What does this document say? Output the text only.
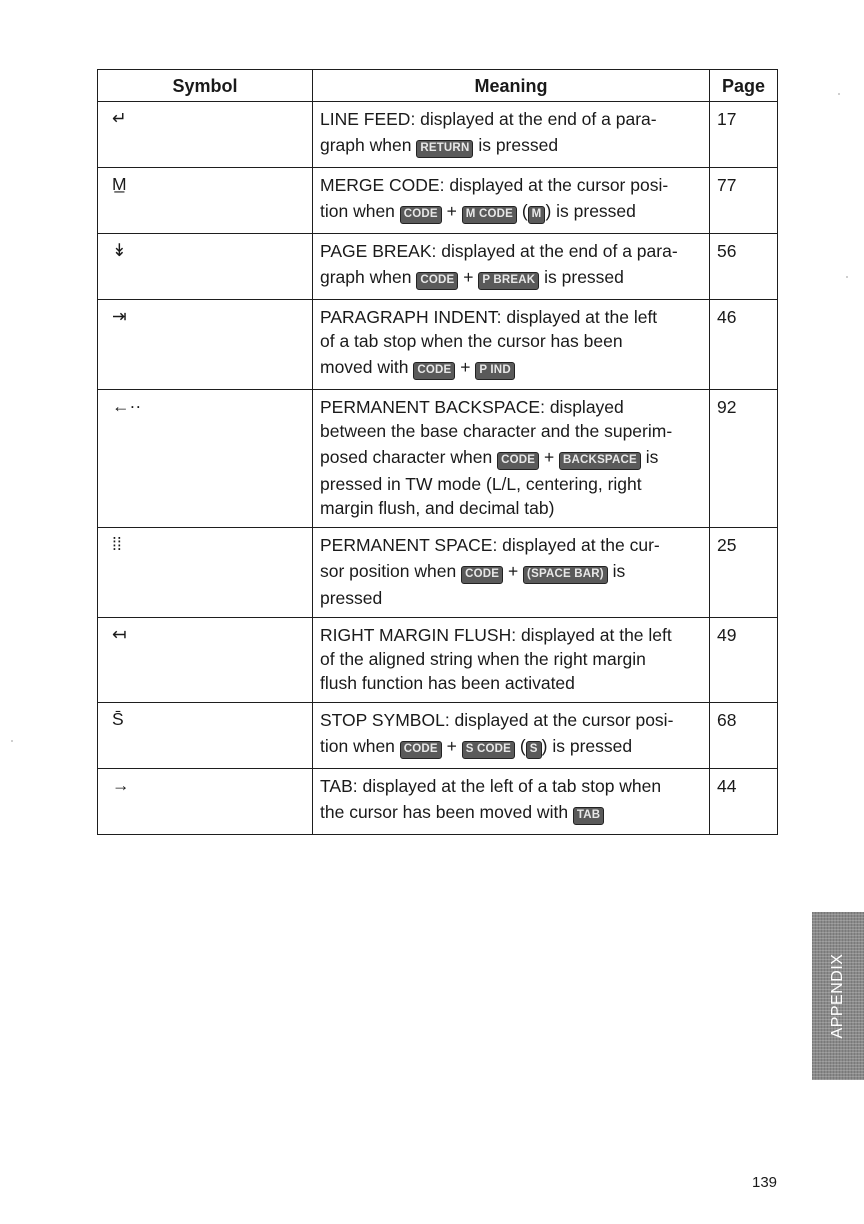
Symbol	Meaning	Page
↵	LINE FEED: displayed at the end of a para-
graph when RETURN is pressed	17
M̲	MERGE CODE: displayed at the cursor posi-
tion when CODE + M CODE ( M ) is pressed	77
↡	PAGE BREAK: displayed at the end of a para-
graph when CODE + P BREAK is pressed	56
⇥	PARAGRAPH INDENT: displayed at the left
of a tab stop when the cursor has been
moved with CODE + P IND	46
←··	PERMANENT BACKSPACE: displayed
between the base character and the superim-
posed character when CODE + BACKSPACE is
pressed in TW mode (L/L, centering, right
margin flush, and decimal tab)	92
⁞⁞	PERMANENT SPACE: displayed at the cur-
sor position when CODE + (SPACE BAR) is
pressed	25
↤	RIGHT MARGIN FLUSH: displayed at the left
of the aligned string when the right margin
flush function has been activated	49
S̄	STOP SYMBOL: displayed at the cursor posi-
tion when CODE + S CODE ( S ) is pressed	68
→	TAB: displayed at the left of a tab stop when
the cursor has been moved with TAB	44
APPENDIX
139
